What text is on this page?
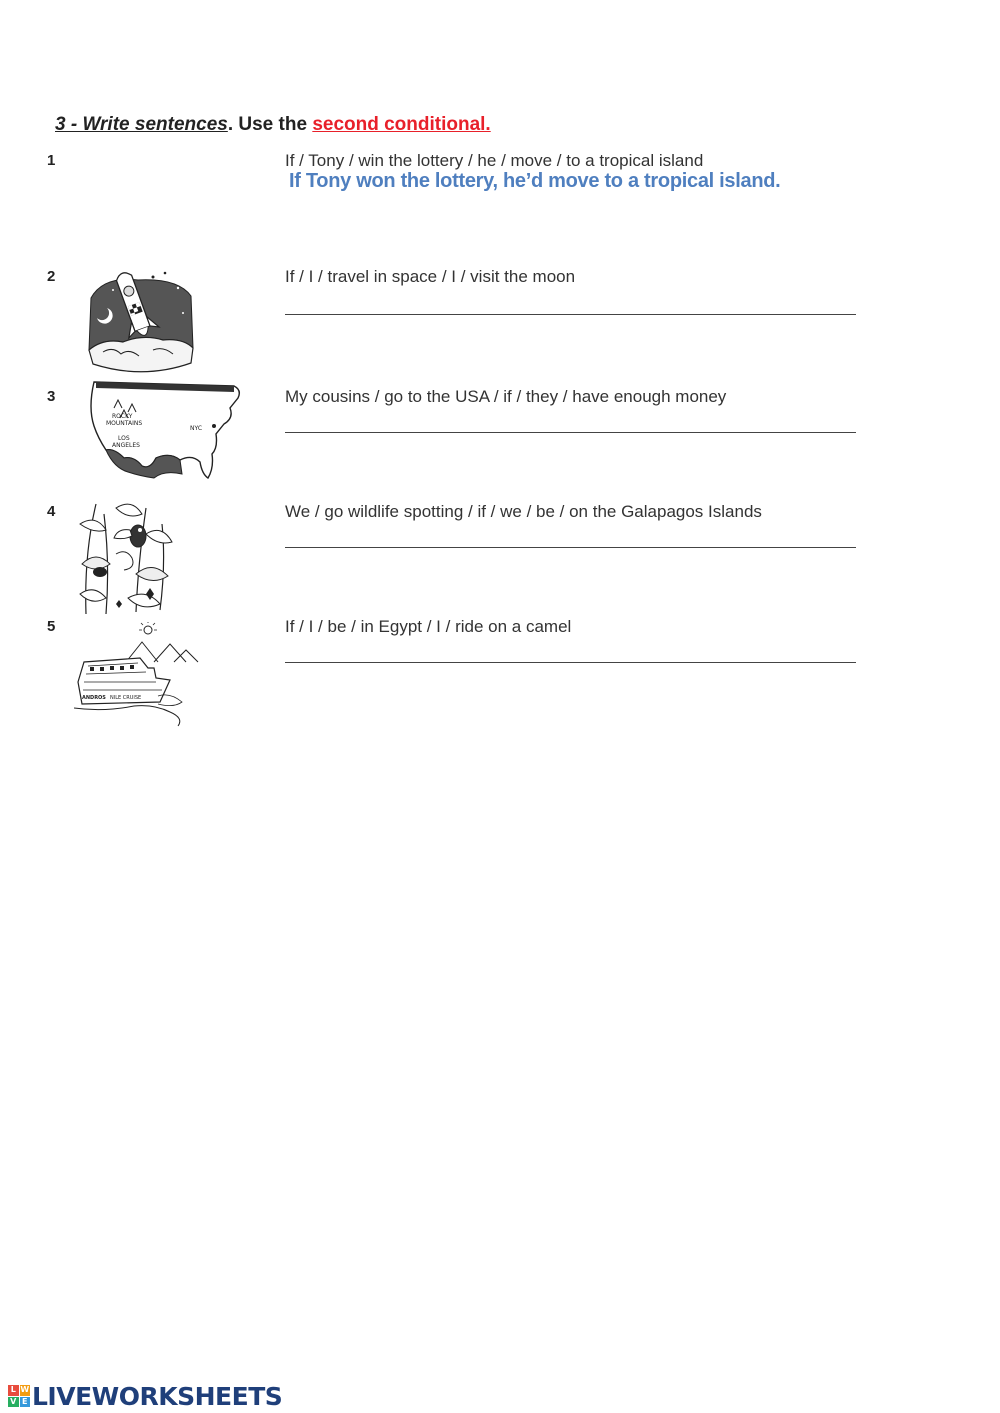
3 - Write sentences. Use the second conditional.
1	If / Tony / win the lottery / he / move / to a tropical island
If Tony won the lottery, he’d move to a tropical island.
2	If / I / travel in space / I / visit the moon
3	My cousins / go to the USA / if / they / have enough money
4	We / go wildlife spotting / if / we / be / on the Galapagos Islands
5	If / I / be / in Egypt / I / ride on a camel
ROCKY
MOUNTAINS
LOS
ANGELES
NYC
ANDROS NILE CRUISE
L W
V E LIVEWORKSHEETS
